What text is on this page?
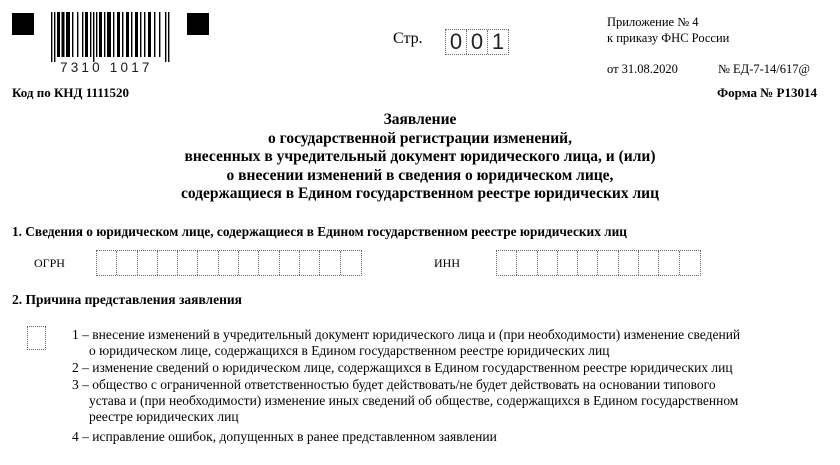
7310 1017
Стр. 0 0 1
Приложение № 4
к приказу ФНС России
от 31.08.2020	№ ЕД-7-14/617@
Код по КНД 1111520	Форма № Р13014
Заявление
о государственной регистрации изменений,
внесенных в учредительный документ юридического лица, и (или)
о внесении изменений в сведения о юридическом лице,
содержащиеся в Едином государственном реестре юридических лиц
1. Сведения о юридическом лице, содержащиеся в Едином государственном реестре юридических лиц
ОГРН	ИНН
2. Причина представления заявления
1 – внесение изменений в учредительный документ юридического лица и (при необходимости) изменение сведений
о юридическом лице, содержащихся в Едином государственном реестре юридических лиц
2 – изменение сведений о юридическом лице, содержащихся в Едином государственном реестре юридических лиц
3 – общество с ограниченной ответственностью будет действовать/не будет действовать на основании типового
устава и (при необходимости) изменение иных сведений об обществе, содержащихся в Едином государственном
реестре юридических лиц
4 – исправление ошибок, допущенных в ранее представленном заявлении
